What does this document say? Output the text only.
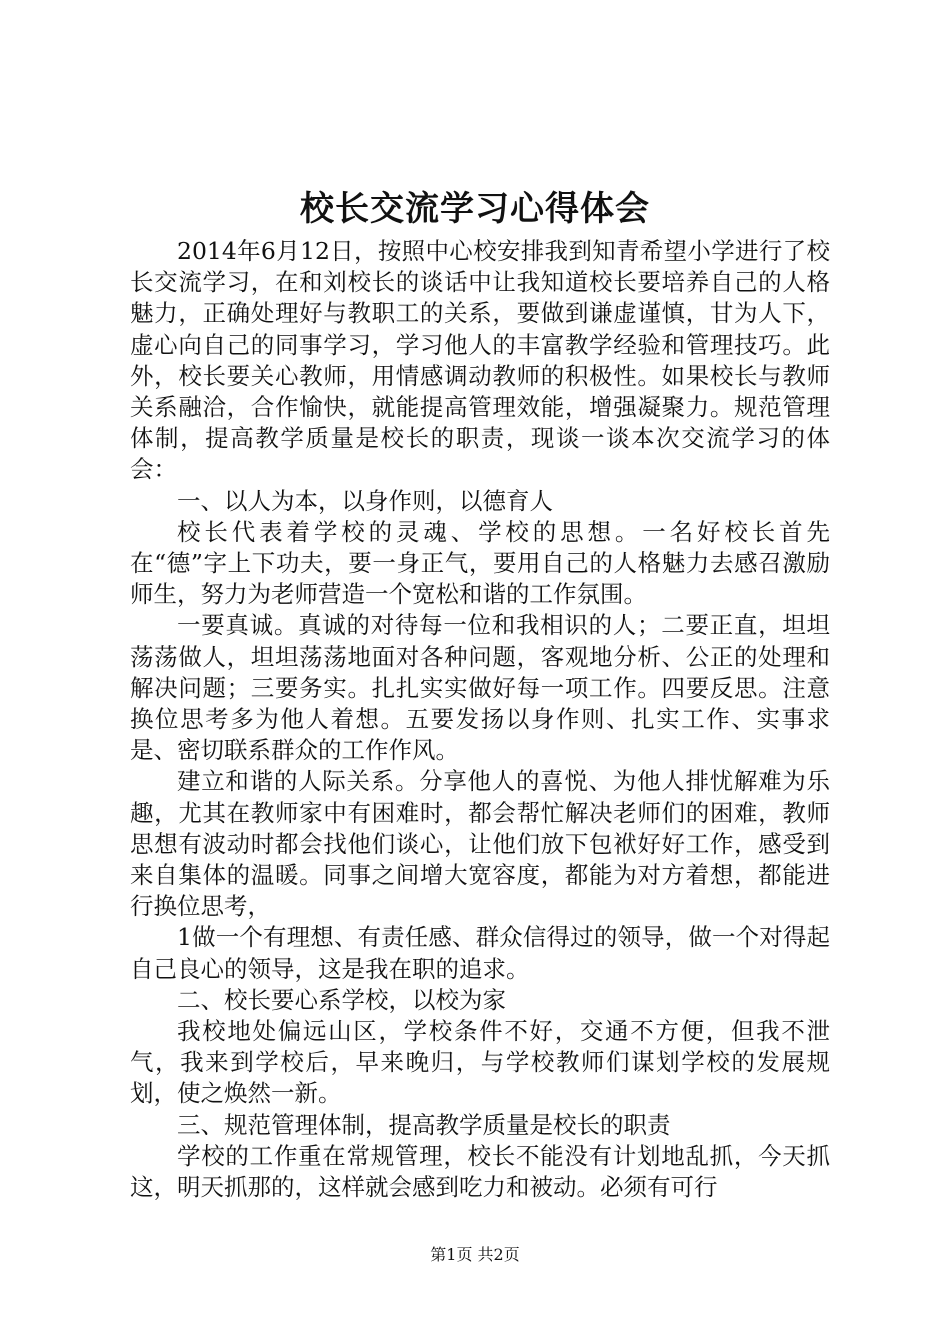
校长交流学习心得体会

2014年6月12日，按照中心校安排我到知青希望小学进行了校长交流学习，在和刘校长的谈话中让我知道校长要培养自己的人格魅力，正确处理好与教职工的关系，要做到谦虚谨慎，甘为人下，虚心向自己的同事学习，学习他人的丰富教学经验和管理技巧。此外，校长要关心教师，用情感调动教师的积极性。如果校长与教师关系融洽，合作愉快，就能提高管理效能，增强凝聚力。规范管理体制，提高教学质量是校长的职责，现谈一谈本次交流学习的体会：

一、以人为本，以身作则，以德育人

校长代表着学校的灵魂、学校的思想。一名好校长首先在“德”字上下功夫，要一身正气，要用自己的人格魅力去感召激励师生，努力为老师营造一个宽松和谐的工作氛围。

一要真诚。真诚的对待每一位和我相识的人；二要正直，坦坦荡荡做人，坦坦荡荡地面对各种问题，客观地分析、公正的处理和解决问题；三要务实。扎扎实实做好每一项工作。四要反思。注意换位思考多为他人着想。五要发扬以身作则、扎实工作、实事求是、密切联系群众的工作作风。

建立和谐的人际关系。分享他人的喜悦、为他人排忧解难为乐趣，尤其在教师家中有困难时，都会帮忙解决老师们的困难，教师思想有波动时都会找他们谈心，让他们放下包袱好好工作，感受到来自集体的温暖。同事之间增大宽容度，都能为对方着想，都能进行换位思考，

1做一个有理想、有责任感、群众信得过的领导，做一个对得起自己良心的领导，这是我在职的追求。

二、校长要心系学校，以校为家

我校地处偏远山区，学校条件不好，交通不方便，但我不泄气，我来到学校后，早来晚归，与学校教师们谋划学校的发展规划，使之焕然一新。

三、规范管理体制，提高教学质量是校长的职责

学校的工作重在常规管理，校长不能没有计划地乱抓，今天抓这，明天抓那的，这样就会感到吃力和被动。必须有可行

第1页 共2页
